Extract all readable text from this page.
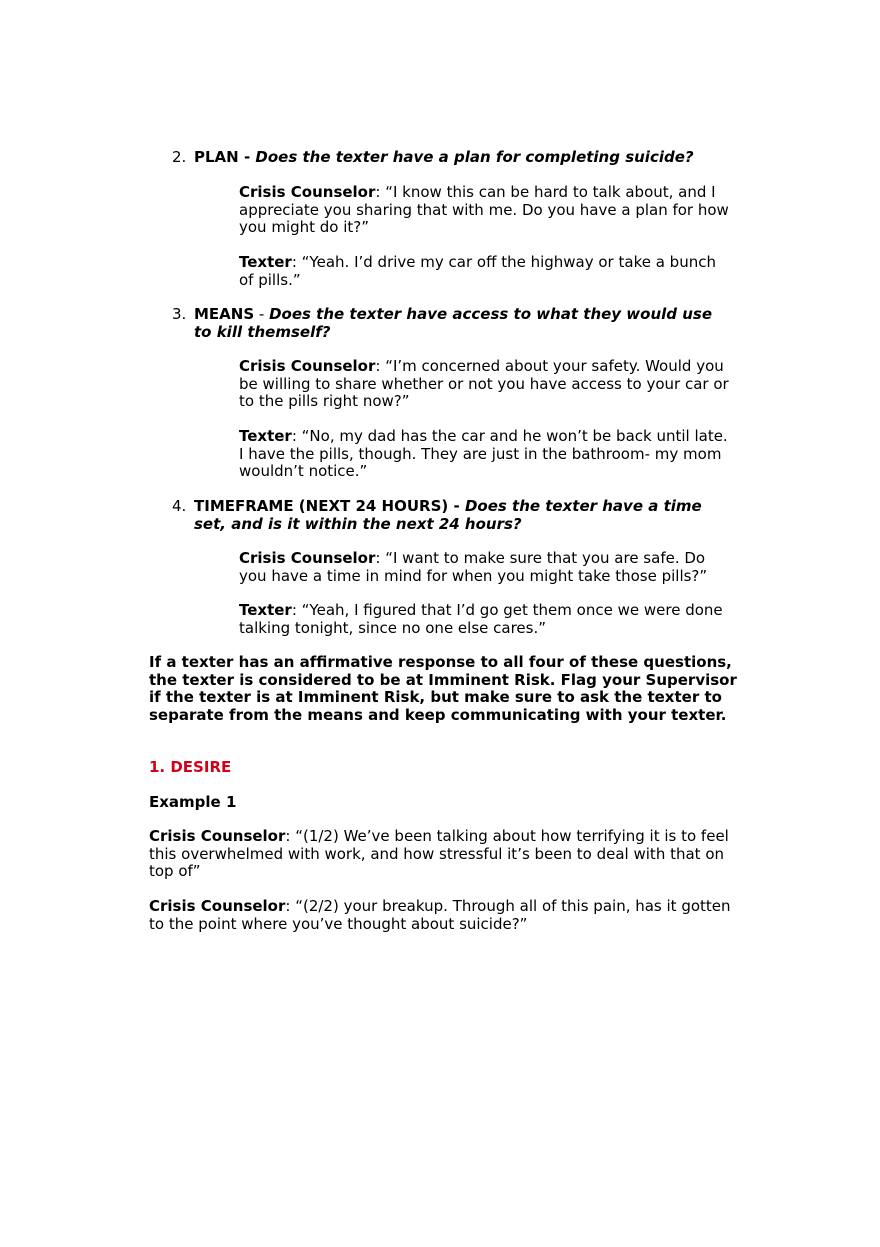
2. PLAN - Does the texter have a plan for completing suicide?
Crisis Counselor: “I know this can be hard to talk about, and I appreciate you sharing that with me. Do you have a plan for how you might do it?”
Texter: “Yeah. I’d drive my car off the highway or take a bunch of pills.”
3. MEANS - Does the texter have access to what they would use to kill themself?
Crisis Counselor: “I’m concerned about your safety. Would you be willing to share whether or not you have access to your car or to the pills right now?”
Texter: “No, my dad has the car and he won’t be back until late. I have the pills, though. They are just in the bathroom- my mom wouldn’t notice.”
4. TIMEFRAME (NEXT 24 HOURS) - Does the texter have a time set, and is it within the next 24 hours?
Crisis Counselor: “I want to make sure that you are safe. Do you have a time in mind for when you might take those pills?”
Texter: “Yeah, I figured that I’d go get them once we were done talking tonight, since no one else cares.”
If a texter has an afﬁrmative response to all four of these questions, the texter is considered to be at Imminent Risk. Flag your Supervisor if the texter is at Imminent Risk, but make sure to ask the texter to separate from the means and keep communicating with your texter.
1. DESIRE
Example 1
Crisis Counselor: “(1/2) We’ve been talking about how terrifying it is to feel this overwhelmed with work, and how stressful it’s been to deal with that on top of”
Crisis Counselor: “(2/2) your breakup. Through all of this pain, has it gotten to the point where you’ve thought about suicide?”
